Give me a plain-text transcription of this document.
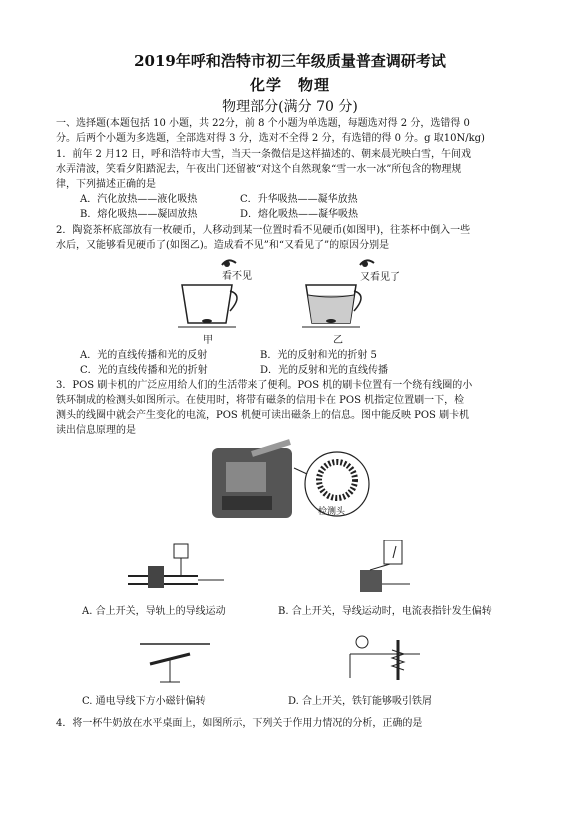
2019年呼和浩特市初三年级质量普查调研考试
化学　物理
物理部分(满分 70 分)
一、选择题(本题包括 10 小题，共 22分，前 8 个小题为单选题，每题选对得 2 分，选错得 0
分。后两个小题为多选题，全部选对得 3 分，选对不全得 2 分，有选错的得 0 分。g 取10N/kg)
1．前年 2 月12 日，呼和浩特市大雪，当天一条微信是这样描述的、朝来晨光映白雪，午间戏
水弄清波，笑看夕阳踏泥去，午夜出门还留被“对这个自然现象“雪一水一冰”所包含的物理规
律，下列描述正确的是
A．汽化放热——液化吸热	C．升华吸热——凝华放热
B．熔化吸热——凝固放热	D．熔化吸热——凝华吸热
2．陶瓷茶杯底部放有一枚硬币，人移动到某一位置时看不见硬币(如图甲)，往茶杯中倒入一些
水后，又能够看见硬币了(如图乙)。造成看不见”和“又看见了”的原因分别是
看不见	又看见了
甲	乙
A．光的直线传播和光的反射	B．光的反射和光的折射 5
C．光的直线传播和光的折射	D．光的反射和光的直线传播
3．POS 刷卡机的广泛应用给人们的生活带来了便利。POS 机的刷卡位置有一个绕有线圈的小
铁环制成的检测头如图所示。在使用时，将带有磁条的信用卡在 POS 机指定位置刷一下，检
测头的线圈中就会产生变化的电流，POS 机便可读出磁条上的信息。图中能反映 POS 刷卡机
读出信息原理的是
检测头
A. 合上开关，导轨上的导线运动	B. 合上开关，导线运动时，电流表指针发生偏转
C. 通电导线下方小磁针偏转	D. 合上开关，铁钉能够吸引铁屑
4．将一杯牛奶放在水平桌面上，如图所示，下列关于作用力情况的分析，正确的是
